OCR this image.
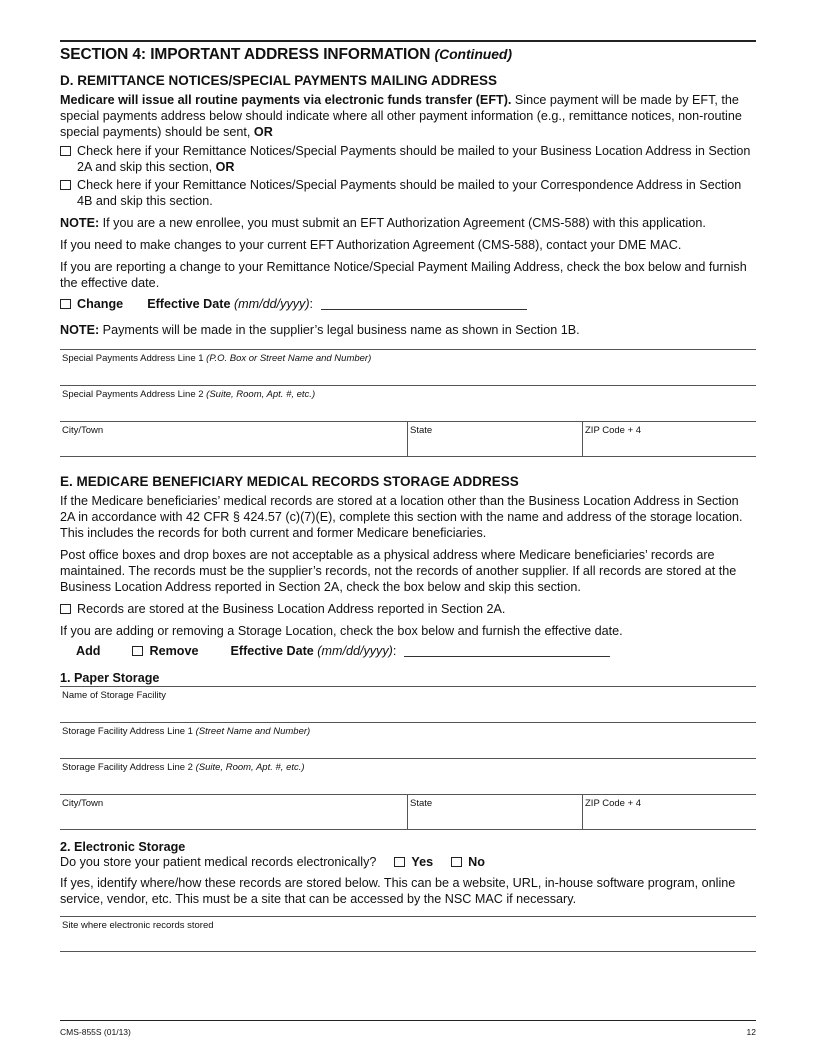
SECTION 4: IMPORTANT ADDRESS INFORMATION (Continued)
D. REMITTANCE NOTICES/SPECIAL PAYMENTS MAILING ADDRESS

Medicare will issue all routine payments via electronic funds transfer (EFT). Since payment will be made by EFT, the special payments address below should indicate where all other payment information (e.g., remittance notices, non-routine special payments) should be sent, OR

Check here if your Remittance Notices/Special Payments should be mailed to your Business Location Address in Section 2A and skip this section, OR
Check here if your Remittance Notices/Special Payments should be mailed to your Correspondence Address in Section 4B and skip this section.

NOTE: If you are a new enrollee, you must submit an EFT Authorization Agreement (CMS-588) with this application.

If you need to make changes to your current EFT Authorization Agreement (CMS-588), contact your DME MAC.

If you are reporting a change to your Remittance Notice/Special Payment Mailing Address, check the box below and furnish the effective date.

Change Effective Date (mm/dd/yyyy):

NOTE: Payments will be made in the supplier’s legal business name as shown in Section 1B.

Special Payments Address Line 1 (P.O. Box or Street Name and Number)
Special Payments Address Line 2 (Suite, Room, Apt. #, etc.)
City/Town	State	ZIP Code + 4
E. MEDICARE BENEFICIARY MEDICAL RECORDS STORAGE ADDRESS

If the Medicare beneficiaries’ medical records are stored at a location other than the Business Location Address in Section 2A in accordance with 42 CFR § 424.57 (c)(7)(E), complete this section with the name and address of the storage location. This includes the records for both current and former Medicare beneficiaries.

Post office boxes and drop boxes are not acceptable as a physical address where Medicare beneficiaries’ records are maintained. The records must be the supplier’s records, not the records of another supplier. If all records are stored at the Business Location Address reported in Section 2A, check the box below and skip this section.

Records are stored at the Business Location Address reported in Section 2A.

If you are adding or removing a Storage Location, check the box below and furnish the effective date.

Add	Remove	Effective Date (mm/dd/yyyy):
1. Paper Storage
Name of Storage Facility
Storage Facility Address Line 1 (Street Name and Number)
Storage Facility Address Line 2 (Suite, Room, Apt. #, etc.)
City/Town	State	ZIP Code + 4
2. Electronic Storage
Do you store your patient medical records electronically?	Yes	No

If yes, identify where/how these records are stored below. This can be a website, URL, in-house software program, online service, vendor, etc. This must be a site that can be accessed by the NSC MAC if necessary.

Site where electronic records stored
CMS-855S (01/13)	12
